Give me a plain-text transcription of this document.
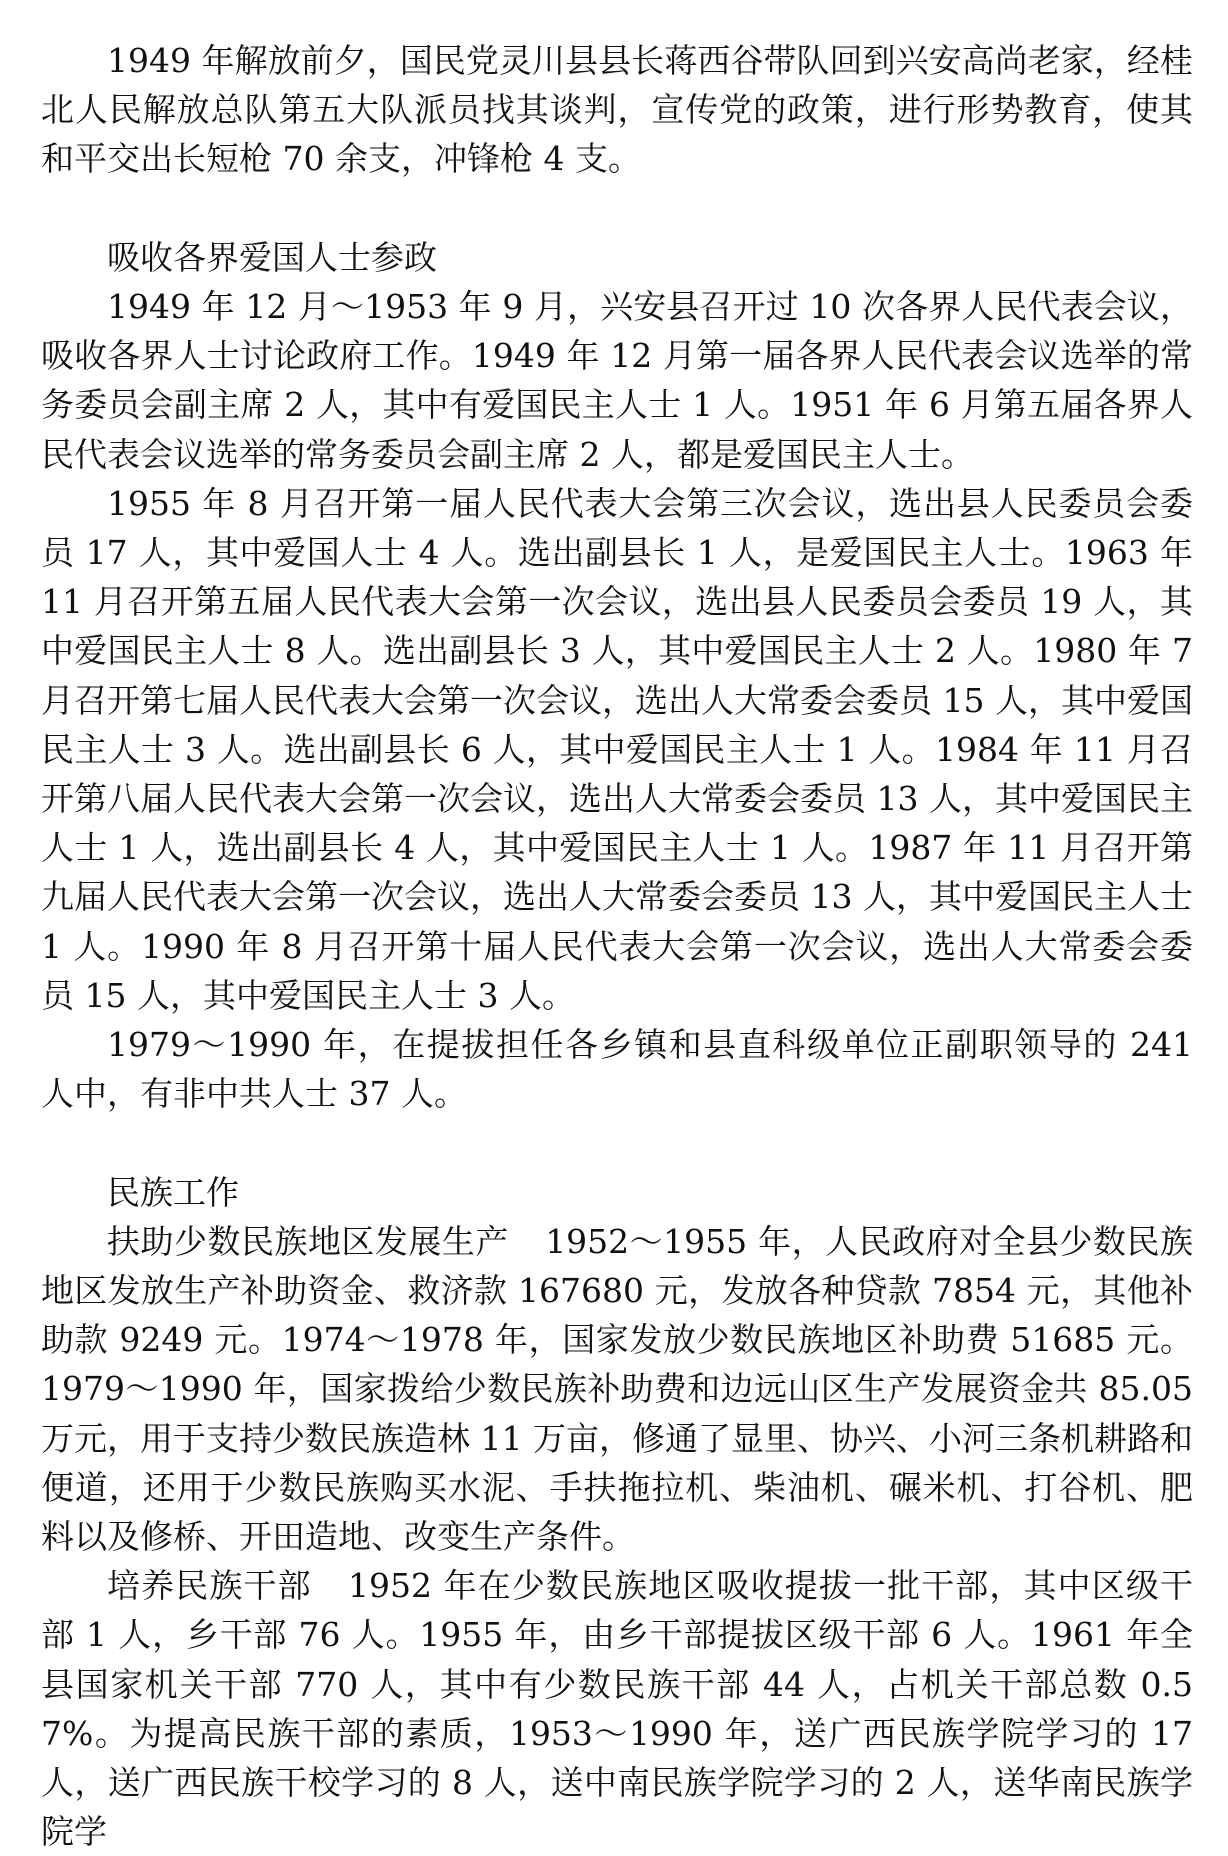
1949 年解放前夕，国民党灵川县县长蒋西谷带队回到兴安高尚老家，经桂北人民解放总队第五大队派员找其谈判，宣传党的政策，进行形势教育，使其和平交出长短枪 70 余支，冲锋枪 4 支。

吸收各界爱国人士参政

1949 年 12 月～1953 年 9 月，兴安县召开过 10 次各界人民代表会议，吸收各界人士讨论政府工作。1949 年 12 月第一届各界人民代表会议选举的常务委员会副主席 2 人，其中有爱国民主人士 1 人。1951 年 6 月第五届各界人民代表会议选举的常务委员会副主席 2 人，都是爱国民主人士。

1955 年 8 月召开第一届人民代表大会第三次会议，选出县人民委员会委员 17 人，其中爱国人士 4 人。选出副县长 1 人，是爱国民主人士。1963 年 11 月召开第五届人民代表大会第一次会议，选出县人民委员会委员 19 人，其中爱国民主人士 8 人。选出副县长 3 人，其中爱国民主人士 2 人。1980 年 7 月召开第七届人民代表大会第一次会议，选出人大常委会委员 15 人，其中爱国民主人士 3 人。选出副县长 6 人，其中爱国民主人士 1 人。1984 年 11 月召开第八届人民代表大会第一次会议，选出人大常委会委员 13 人，其中爱国民主人士 1 人，选出副县长 4 人，其中爱国民主人士 1 人。1987 年 11 月召开第九届人民代表大会第一次会议，选出人大常委会委员 13 人，其中爱国民主人士 1 人。1990 年 8 月召开第十届人民代表大会第一次会议，选出人大常委会委员 15 人，其中爱国民主人士 3 人。

1979～1990 年，在提拔担任各乡镇和县直科级单位正副职领导的 241 人中，有非中共人士 37 人。

民族工作

扶助少数民族地区发展生产 1952～1955 年，人民政府对全县少数民族地区发放生产补助资金、救济款 167680 元，发放各种贷款 7854 元，其他补助款 9249 元。1974～1978 年，国家发放少数民族地区补助费 51685 元。1979～1990 年，国家拨给少数民族补助费和边远山区生产发展资金共 85.05 万元，用于支持少数民族造林 11 万亩，修通了显里、协兴、小河三条机耕路和便道，还用于少数民族购买水泥、手扶拖拉机、柴油机、碾米机、打谷机、肥料以及修桥、开田造地、改变生产条件。

培养民族干部 1952 年在少数民族地区吸收提拔一批干部，其中区级干部 1 人，乡干部 76 人。1955 年，由乡干部提拔区级干部 6 人。1961 年全县国家机关干部 770 人，其中有少数民族干部 44 人，占机关干部总数 0.57%。为提高民族干部的素质，1953～1990 年，送广西民族学院学习的 17 人，送广西民族干校学习的 8 人，送中南民族学院学习的 2 人，送华南民族学院学
